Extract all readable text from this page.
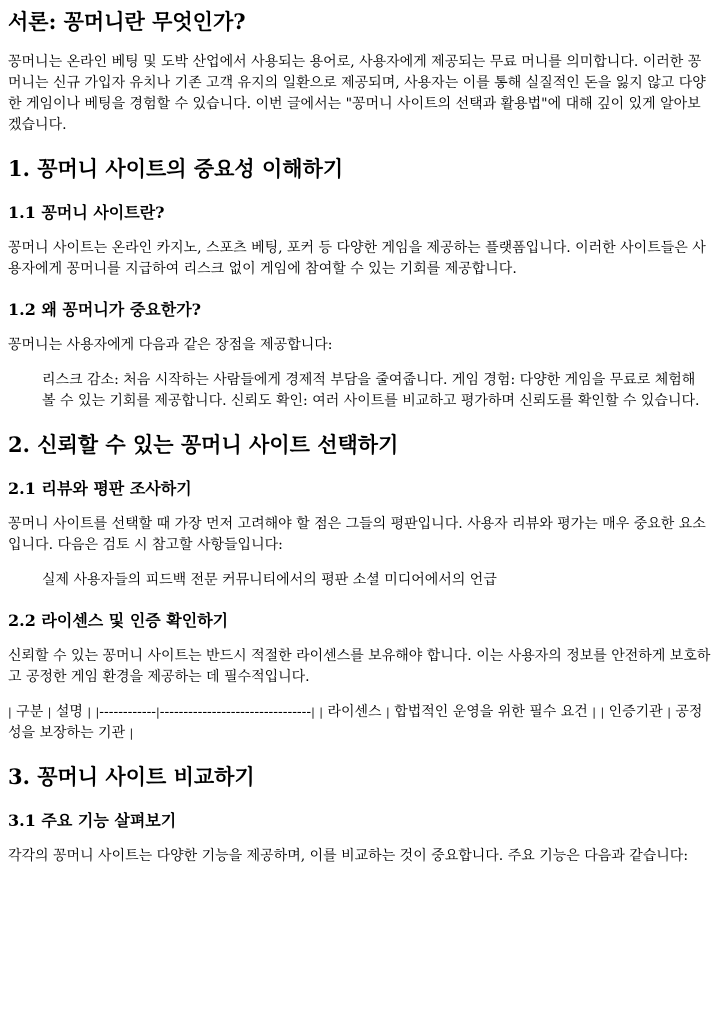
서론: 꽁머니란 무엇인가?

꽁머니는 온라인 베팅 및 도박 산업에서 사용되는 용어로, 사용자에게 제공되는 무료 머니를 의미합니다. 이러한 꽁머니는 신규 가입자 유치나 기존 고객 유지의 일환으로 제공되며, 사용자는 이를 통해 실질적인 돈을 잃지 않고 다양한 게임이나 베팅을 경험할 수 있습니다. 이번 글에서는 "꽁머니 사이트의 선택과 활용법"에 대해 깊이 있게 알아보겠습니다.

1. 꽁머니 사이트의 중요성 이해하기
1.1 꽁머니 사이트란?

꽁머니 사이트는 온라인 카지노, 스포츠 베팅, 포커 등 다양한 게임을 제공하는 플랫폼입니다. 이러한 사이트들은 사용자에게 꽁머니를 지급하여 리스크 없이 게임에 참여할 수 있는 기회를 제공합니다.

1.2 왜 꽁머니가 중요한가?

꽁머니는 사용자에게 다음과 같은 장점을 제공합니다:

리스크 감소: 처음 시작하는 사람들에게 경제적 부담을 줄여줍니다. 게임 경험: 다양한 게임을 무료로 체험해 볼 수 있는 기회를 제공합니다. 신뢰도 확인: 여러 사이트를 비교하고 평가하며 신뢰도를 확인할 수 있습니다.
2. 신뢰할 수 있는 꽁머니 사이트 선택하기
2.1 리뷰와 평판 조사하기

꽁머니 사이트를 선택할 때 가장 먼저 고려해야 할 점은 그들의 평판입니다. 사용자 리뷰와 평가는 매우 중요한 요소입니다. 다음은 검토 시 참고할 사항들입니다:

실제 사용자들의 피드백 전문 커뮤니티에서의 평판 소셜 미디어에서의 언급
2.2 라이센스 및 인증 확인하기

신뢰할 수 있는 꽁머니 사이트는 반드시 적절한 라이센스를 보유해야 합니다. 이는 사용자의 정보를 안전하게 보호하고 공정한 게임 환경을 제공하는 데 필수적입니다.

| 구분 | 설명 | |------------|--------------------------------| | 라이센스 | 합법적인 운영을 위한 필수 요건 | | 인증기관 | 공정성을 보장하는 기관 |
3. 꽁머니 사이트 비교하기
3.1 주요 기능 살펴보기

각각의 꽁머니 사이트는 다양한 기능을 제공하며, 이를 비교하는 것이 중요합니다. 주요 기능은 다음과 같습니다:
